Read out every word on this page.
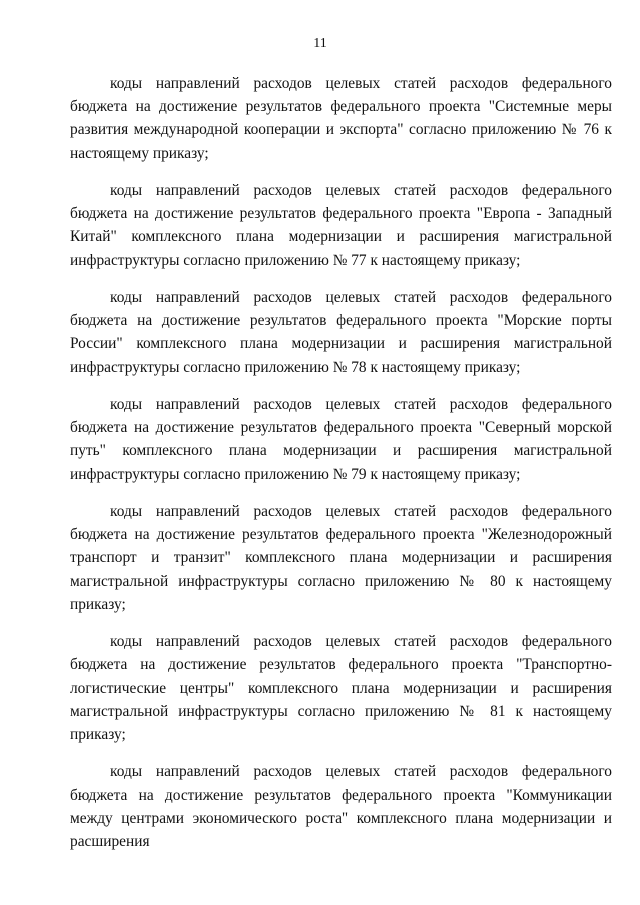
11

коды направлений расходов целевых статей расходов федерального бюджета на достижение результатов федерального проекта "Системные меры развития международной кооперации и экспорта" согласно приложению № 76 к настоящему приказу;

коды направлений расходов целевых статей расходов федерального бюджета на достижение результатов федерального проекта "Европа - Западный Китай" комплексного плана модернизации и расширения магистральной инфраструктуры согласно приложению № 77 к настоящему приказу;

коды направлений расходов целевых статей расходов федерального бюджета на достижение результатов федерального проекта "Морские порты России" комплексного плана модернизации и расширения магистральной инфраструктуры согласно приложению № 78 к настоящему приказу;

коды направлений расходов целевых статей расходов федерального бюджета на достижение результатов федерального проекта "Северный морской путь" комплексного плана модернизации и расширения магистральной инфраструктуры согласно приложению № 79 к настоящему приказу;

коды направлений расходов целевых статей расходов федерального бюджета на достижение результатов федерального проекта "Железнодорожный транспорт и транзит" комплексного плана модернизации и расширения магистральной инфраструктуры согласно приложению № 80 к настоящему приказу;

коды направлений расходов целевых статей расходов федерального бюджета на достижение результатов федерального проекта "Транспортно-логистические центры" комплексного плана модернизации и расширения магистральной инфраструктуры согласно приложению № 81 к настоящему приказу;

коды направлений расходов целевых статей расходов федерального бюджета на достижение результатов федерального проекта "Коммуникации между центрами экономического роста" комплексного плана модернизации и расширения
